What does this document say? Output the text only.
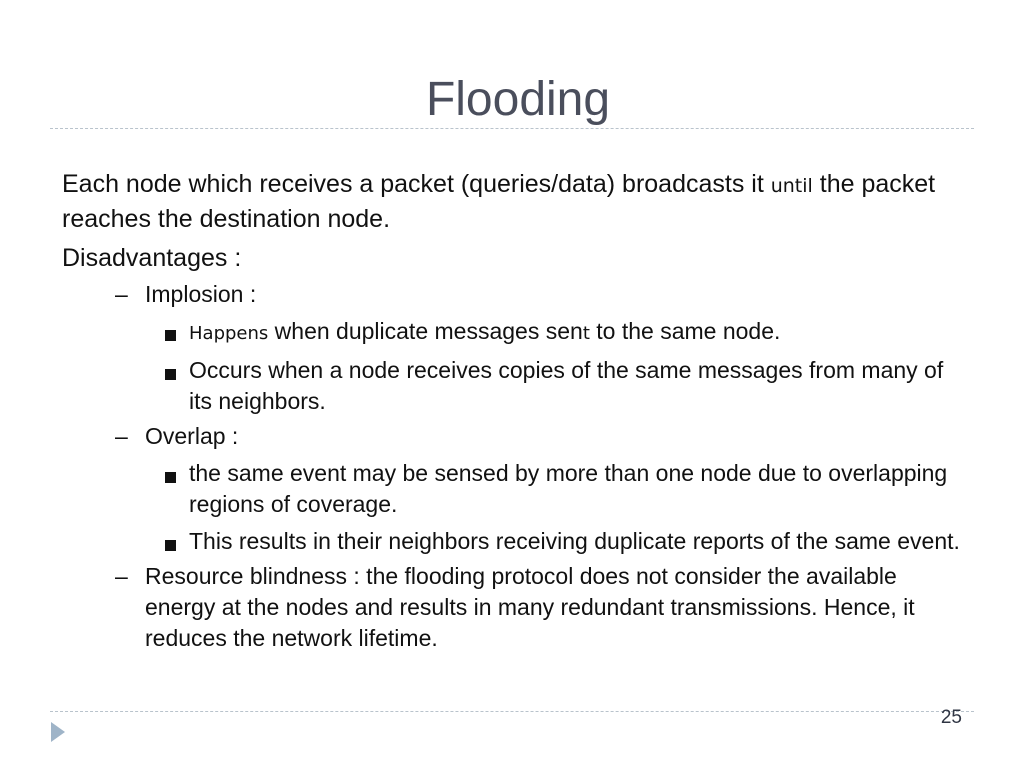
Flooding

Each node which receives a packet (queries/data) broadcasts it until the packet reaches the destination node.

Disadvantages :

– Implosion :
Happens when duplicate messages sent to the same node.
Occurs when a node receives copies of the same messages from many of its neighbors.
– Overlap :
the same event may be sensed by more than one node due to overlapping regions of coverage.
This results in their neighbors receiving duplicate reports of the same event.
– Resource blindness : the flooding protocol does not consider the available energy at the nodes and results in many redundant transmissions. Hence, it reduces the network lifetime.
25
